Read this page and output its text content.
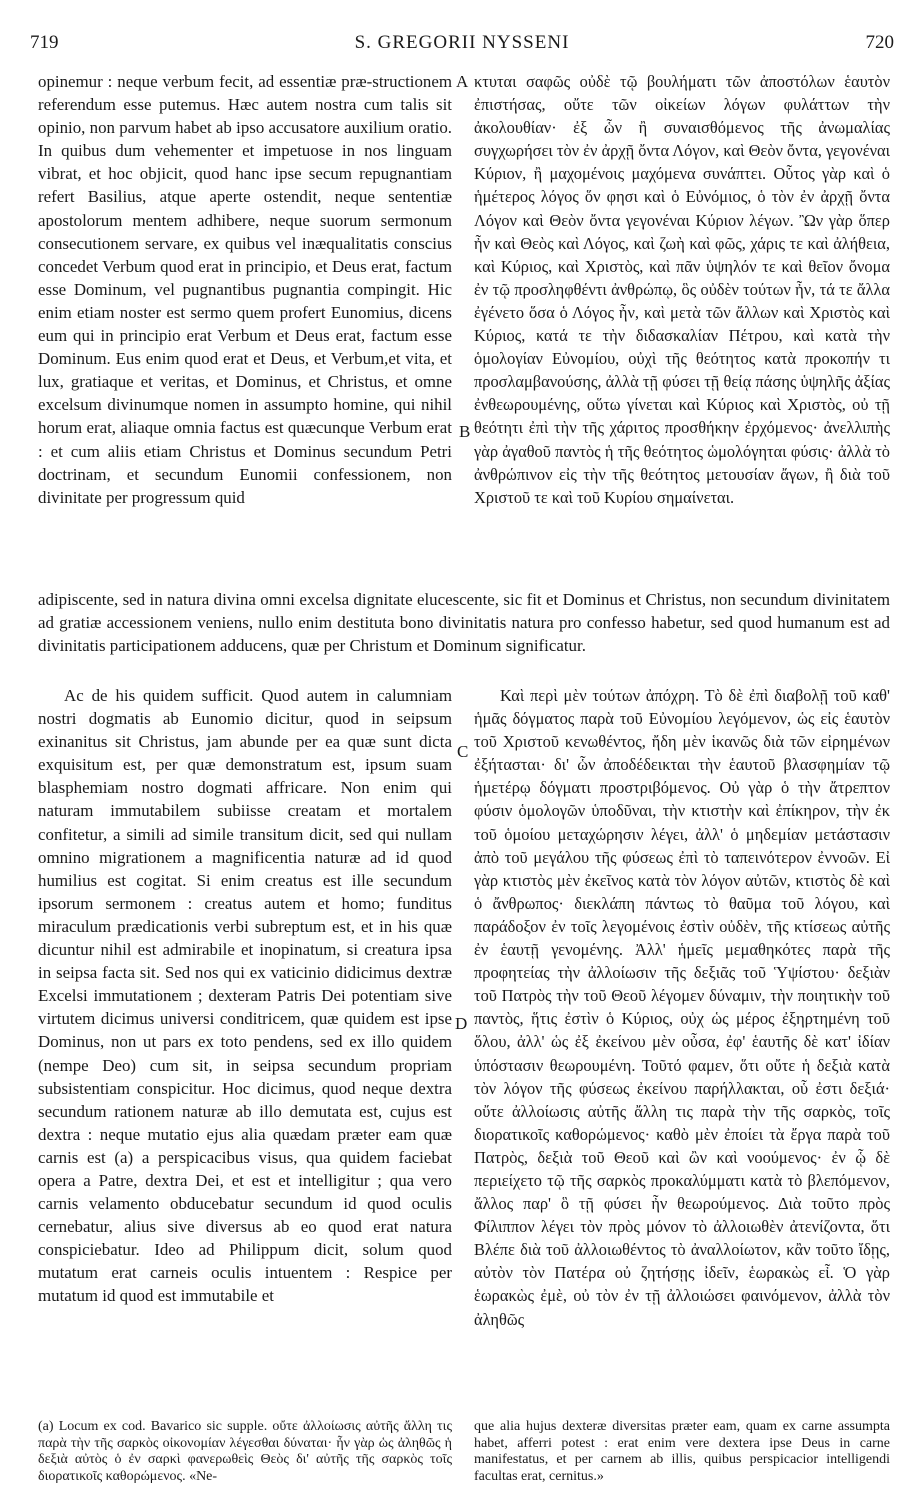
719	S. GREGORII NYSSENI	720

opinemur : neque verbum fecit, ad essentiæ præ-structionem referendum esse putemus. Hæc autem nostra cum talis sit opinio, non parvum habet ab ipso accusatore auxilium oratio. In quibus dum vehementer et impetuose in nos linguam vibrat, et hoc objicit, quod hanc ipse secum repugnantiam refert Basilius, atque aperte ostendit, neque sententiæ apostolorum mentem adhibere, neque suorum sermonum consecutionem servare, ex quibus vel inæqualitatis conscius concedet Verbum quod erat in principio, et Deus erat, factum esse Dominum, vel pugnantibus pugnantia compingit. Hic enim etiam noster est sermo quem profert Eunomius, dicens eum qui in principio erat Verbum et Deus erat, factum esse Dominum. Eus enim quod erat et Deus, et Verbum,et vita, et lux, gratiaque et veritas, et Dominus, et Christus, et omne excelsum divinumque nomen in assumpto homine, qui nihil horum erat, aliaque omnia factus est quæcunque Verbum erat : et cum aliis etiam Christus et Dominus secundum Petri doctrinam, et secundum Eunomii confessionem, non divinitate per progressum quid

A
B

κτυται σαφῶς οὐδὲ τῷ βουλήματι τῶν ἀποστόλων ἑαυτὸν ἐπιστήσας, οὔτε τῶν οἰκείων λόγων φυλάττων τὴν ἀκολουθίαν· ἐξ ὧν ἢ συναισθόμενος τῆς ἀνωμαλίας συγχωρήσει τὸν ἐν ἀρχῇ ὄντα Λόγον, καὶ Θεὸν ὄντα, γεγονέναι Κύριον, ἢ μαχομένοις μαχόμενα συνάπτει. Οὗτος γὰρ καὶ ὁ ἡμέτερος λόγος ὅν φησι καὶ ὁ Εὐνόμιος, ὁ τὸν ἐν ἀρχῇ ὄντα Λόγον καὶ Θεὸν ὄντα γεγονέναι Κύριον λέγων. Ὢν γὰρ ὅπερ ἦν καὶ Θεὸς καὶ Λόγος, καὶ ζωὴ καὶ φῶς, χάρις τε καὶ ἀλήθεια, καὶ Κύριος, καὶ Χριστὸς, καὶ πᾶν ὑψηλόν τε καὶ θεῖον ὄνομα ἐν τῷ προσληφθέντι ἀνθρώπῳ, ὃς οὐδὲν τούτων ἦν, τά τε ἄλλα ἐγένετο ὅσα ὁ Λόγος ἦν, καὶ μετὰ τῶν ἄλλων καὶ Χριστὸς καὶ Κύριος, κατά τε τὴν διδασκαλίαν Πέτρου, καὶ κατὰ τὴν ὁμολογίαν Εὐνομίου, οὐχὶ τῆς θεότητος κατὰ προκοπήν τι προσλαμβανούσης, ἀλλὰ τῇ φύσει τῇ θείᾳ πάσης ὑψηλῆς ἀξίας ἐνθεωρουμένης, οὕτω γίνεται καὶ Κύριος καὶ Χριστὸς, οὐ τῇ θεότητι ἐπὶ τὴν τῆς χάριτος προσθήκην ἐρχόμενος· ἀνελλιπὴς γὰρ ἀγαθοῦ παντὸς ἡ τῆς θεότητος ὡμολόγηται φύσις· ἀλλὰ τὸ ἀνθρώπινον εἰς τὴν τῆς θεότητος μετουσίαν ἄγων, ἢ διὰ τοῦ Χριστοῦ τε καὶ τοῦ Κυρίου σημαίνεται.

adipiscente, sed in natura divina omni excelsa dignitate elucescente, sic fit et Dominus et Christus, non secundum divinitatem ad gratiæ accessionem veniens, nullo enim destituta bono divinitatis natura pro confesso habetur, sed quod humanum est ad divinitatis participationem adducens, quæ per Christum et Dominum significatur.

Ac de his quidem sufficit. Quod autem in calumniam nostri dogmatis ab Eunomio dicitur, quod in seipsum exinanitus sit Christus, jam abunde per ea quæ sunt dicta exquisitum est, per quæ demonstratum est, ipsum suam blasphemiam nostro dogmati affricare. Non enim qui naturam immutabilem subiisse creatam et mortalem confitetur, a simili ad simile transitum dicit, sed qui nullam omnino migrationem a magnificentia naturæ ad id quod humilius est cogitat. Si enim creatus est ille secundum ipsorum sermonem : creatus autem et homo; funditus miraculum prædicationis verbi subreptum est, et in his quæ dicuntur nihil est admirabile et inopinatum, si creatura ipsa in seipsa facta sit. Sed nos qui ex vaticinio didicimus dextræ Excelsi immutationem ; dexteram Patris Dei potentiam sive virtutem dicimus universi conditricem, quæ quidem est ipse Dominus, non ut pars ex toto pendens, sed ex illo quidem (nempe Deo) cum sit, in seipsa secundum propriam subsistentiam conspicitur. Hoc dicimus, quod neque dextra secundum rationem naturæ ab illo demutata est, cujus est dextra : neque mutatio ejus alia quædam præter eam quæ carnis est (a) a perspicacibus visus, qua quidem faciebat opera a Patre, dextra Dei, et est et intelligitur ; qua vero carnis velamento obducebatur secundum id quod oculis cernebatur, alius sive diversus ab eo quod erat natura conspiciebatur. Ideo ad Philippum dicit, solum quod mutatum erat carneis oculis intuentem : Respice per mutatum id quod est immutabile et

C
D

Καὶ περὶ μὲν τούτων ἀπόχρη. Τὸ δὲ ἐπὶ διαβολῇ τοῦ καθ' ἡμᾶς δόγματος παρὰ τοῦ Εὐνομίου λεγόμενον, ὡς εἰς ἑαυτὸν τοῦ Χριστοῦ κενωθέντος, ἤδη μὲν ἱκανῶς διὰ τῶν εἰρημένων ἐξήτασται· δι' ὧν ἀποδέδεικται τὴν ἑαυτοῦ βλασφημίαν τῷ ἡμετέρῳ δόγματι προστριβόμενος. Οὐ γὰρ ὁ τὴν ἄτρεπτον φύσιν ὁμολογῶν ὑποδῦναι, τὴν κτιστὴν καὶ ἐπίκηρον, τὴν ἐκ τοῦ ὁμοίου μεταχώρησιν λέγει, ἀλλ' ὁ μηδεμίαν μετάστασιν ἀπὸ τοῦ μεγάλου τῆς φύσεως ἐπὶ τὸ ταπεινότερον ἐννοῶν. Εἰ γὰρ κτιστὸς μὲν ἐκεῖνος κατὰ τὸν λόγον αὐτῶν, κτιστὸς δὲ καὶ ὁ ἄνθρωπος· διεκλάπη πάντως τὸ θαῦμα τοῦ λόγου, καὶ παράδοξον ἐν τοῖς λεγομένοις ἐστὶν οὐδὲν, τῆς κτίσεως αὐτῆς ἐν ἑαυτῇ γενομένης. Ἀλλ' ἡμεῖς μεμαθηκότες παρὰ τῆς προφητείας τὴν ἀλλοίωσιν τῆς δεξιᾶς τοῦ Ὑψίστου· δεξιὰν τοῦ Πατρὸς τὴν τοῦ Θεοῦ λέγομεν δύναμιν, τὴν ποιητικὴν τοῦ παντὸς, ἥτις ἐστὶν ὁ Κύριος, οὐχ ὡς μέρος ἐξηρτημένη τοῦ ὅλου, ἀλλ' ὡς ἐξ ἐκείνου μὲν οὖσα, ἐφ' ἑαυτῆς δὲ κατ' ἰδίαν ὑπόστασιν θεωρουμένη. Τοῦτό φαμεν, ὅτι οὔτε ἡ δεξιὰ κατὰ τὸν λόγον τῆς φύσεως ἐκείνου παρήλλακται, οὗ ἐστι δεξιά· οὔτε ἀλλοίωσις αὐτῆς ἄλλη τις παρὰ τὴν τῆς σαρκὸς, τοῖς διορατικοῖς καθορώμενος· καθὸ μὲν ἐποίει τὰ ἔργα παρὰ τοῦ Πατρὸς, δεξιὰ τοῦ Θεοῦ καὶ ὢν καὶ νοούμενος· ἐν ᾧ δὲ περιείχετο τῷ τῆς σαρκὸς προκαλύμματι κατὰ τὸ βλεπόμενον, ἄλλος παρ' ὃ τῇ φύσει ἦν θεωρούμενος. Διὰ τοῦτο πρὸς Φίλιππον λέγει τὸν πρὸς μόνον τὸ ἀλλοιωθὲν ἀτενίζοντα, ὅτι Βλέπε διὰ τοῦ ἀλλοιωθέντος τὸ ἀναλλοίωτον, κἂν τοῦτο ἴδῃς, αὐτὸν τὸν Πατέρα οὐ ζητήσῃς ἰδεῖν, ἑωρακὼς εἶ. Ὁ γὰρ ἑωρακὼς ἐμὲ, οὐ τὸν ἐν τῇ ἀλλοιώσει φαινόμενον, ἀλλὰ τὸν ἀληθῶς

(a) Locum ex cod. Bavarico sic supple. οὔτε ἀλλοίωσις αὐτῆς ἄλλη τις παρὰ τὴν τῆς σαρκὸς οἰκονομίαν λέγεσθαι δύναται· ἦν γὰρ ὡς ἀληθῶς ἡ δεξιὰ αὐτὸς ὁ ἐν σαρκὶ φανερωθεὶς Θεὸς δι' αὐτῆς τῆς σαρκὸς τοῖς διορατικοῖς καθορώμενος. «Ne-

que alia hujus dexteræ diversitas præter eam, quam ex carne assumpta habet, afferri potest : erat enim vere dextera ipse Deus in carne manifestatus, et per carnem ab illis, quibus perspicacior intelligendi facultas erat, cernitus.»
